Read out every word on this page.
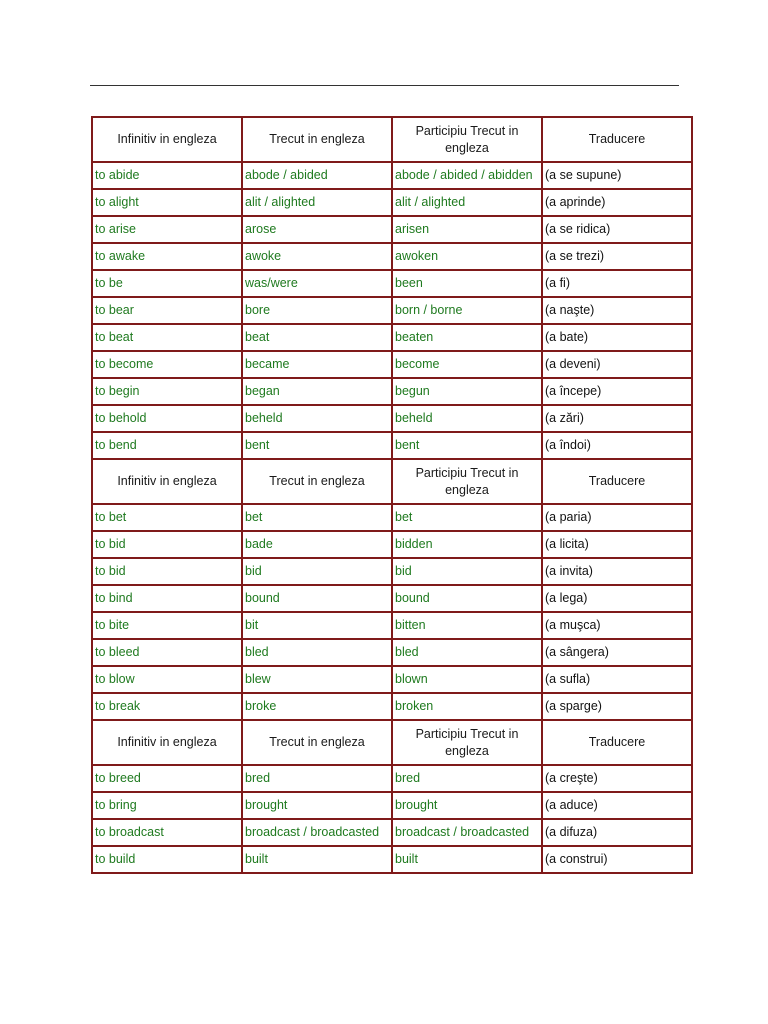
Infinitiv in engleza	Trecut in engleza	Participiu Trecut in engleza	Traducere
to abide	abode / abided	abode / abided / abidden	(a se supune)
to alight	alit / alighted	alit / alighted	(a aprinde)
to arise	arose	arisen	(a se ridica)
to awake	awoke	awoken	(a se trezi)
to be	was/were	been	(a fi)
to bear	bore	born / borne	(a naşte)
to beat	beat	beaten	(a bate)
to become	became	become	(a deveni)
to begin	began	begun	(a începe)
to behold	beheld	beheld	(a zări)
to bend	bent	bent	(a îndoi)
Infinitiv in engleza	Trecut in engleza	Participiu Trecut in engleza	Traducere
to bet	bet	bet	(a paria)
to bid	bade	bidden	(a licita)
to bid	bid	bid	(a invita)
to bind	bound	bound	(a lega)
to bite	bit	bitten	(a muşca)
to bleed	bled	bled	(a sângera)
to blow	blew	blown	(a sufla)
to break	broke	broken	(a sparge)
Infinitiv in engleza	Trecut in engleza	Participiu Trecut in engleza	Traducere
to breed	bred	bred	(a creşte)
to bring	brought	brought	(a aduce)
to broadcast	broadcast / broadcasted	broadcast / broadcasted	(a difuza)
to build	built	built	(a construi)
